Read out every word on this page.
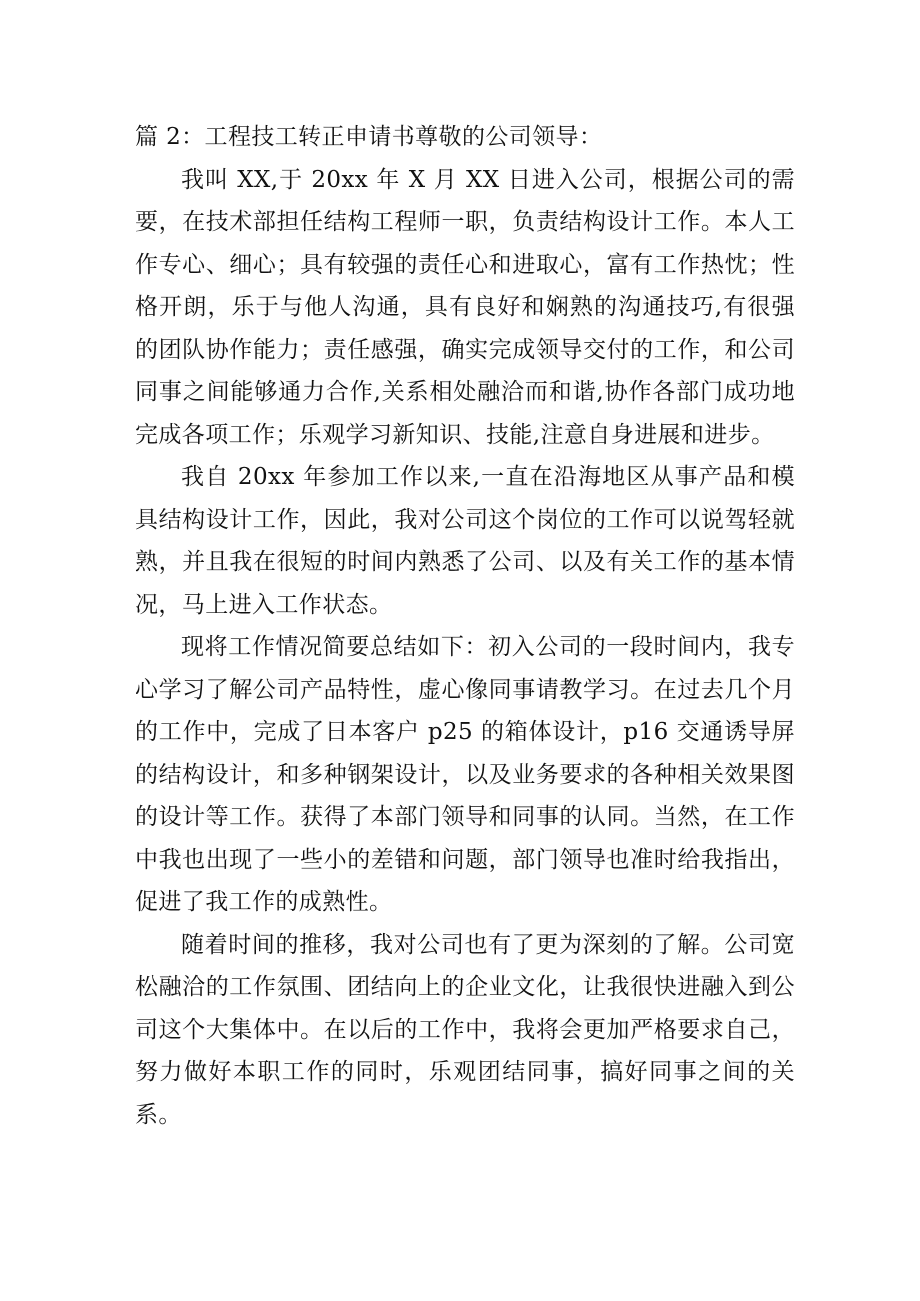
篇 2：工程技工转正申请书尊敬的公司领导：

我叫 XX,于 20xx 年 X 月 XX 日进入公司，根据公司的需要，在技术部担任结构工程师一职，负责结构设计工作。本人工作专心、细心；具有较强的责任心和进取心，富有工作热忱；性格开朗，乐于与他人沟通，具有良好和娴熟的沟通技巧,有很强的团队协作能力；责任感强，确实完成领导交付的工作，和公司同事之间能够通力合作,关系相处融洽而和谐,协作各部门成功地完成各项工作；乐观学习新知识、技能,注意自身进展和进步。

我自 20xx 年参加工作以来,一直在沿海地区从事产品和模具结构设计工作，因此，我对公司这个岗位的工作可以说驾轻就熟，并且我在很短的时间内熟悉了公司、以及有关工作的基本情况，马上进入工作状态。

现将工作情况简要总结如下：初入公司的一段时间内，我专心学习了解公司产品特性，虚心像同事请教学习。在过去几个月的工作中，完成了日本客户 p25 的箱体设计，p16 交通诱导屏的结构设计，和多种钢架设计，以及业务要求的各种相关效果图的设计等工作。获得了本部门领导和同事的认同。当然，在工作中我也出现了一些小的差错和问题，部门领导也准时给我指出，促进了我工作的成熟性。

随着时间的推移，我对公司也有了更为深刻的了解。公司宽松融洽的工作氛围、团结向上的企业文化，让我很快进融入到公司这个大集体中。在以后的工作中，我将会更加严格要求自己，努力做好本职工作的同时，乐观团结同事，搞好同事之间的关系。
